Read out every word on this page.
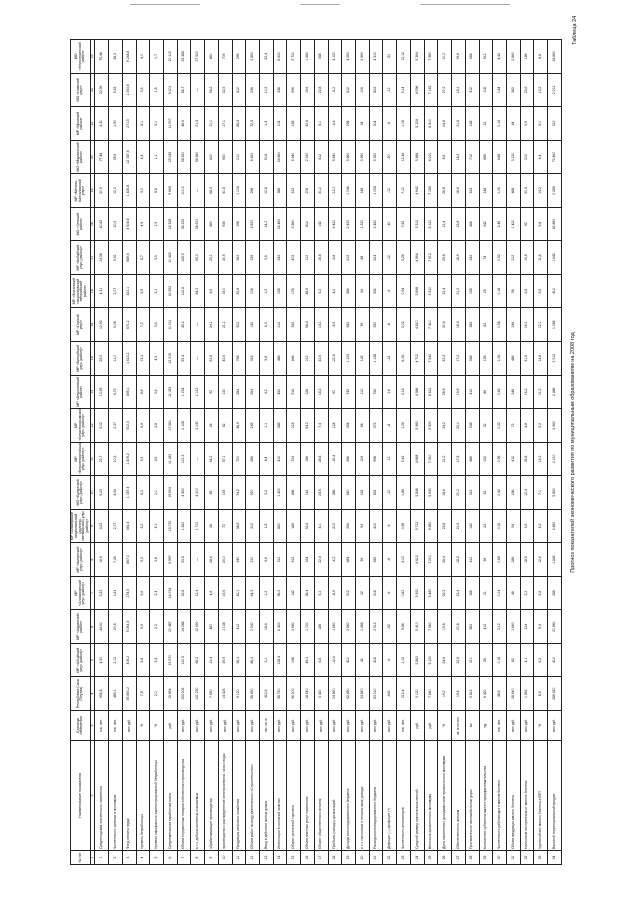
Прогноз показателей экономического развития по муниципальным образованиям на 2008 год
Таблица 24
№ п/п	Наименование показателя	Единица измерения	Республика Саха (Якутия)	МР «Абыйский улус (район)»	МР «Алданский район»	МР «Аллаиховский улус (район)»	МР «Амгинский улус (район)»	МР «Анабарский национальный (долгано-эвенкийский) улус (район)»	МО «Булунский улус (район)»	МР «Верхневилюйский улус (район)»	МР «Верхнеколымский улус (район)»	МР «Верхоянский район»	МР «Вилюйский улус (район)»	МР «Горный улус»	МР «Жиганский национальный эвенкийский район»	МР «Кобяйский улус (район)»	МО «Ленский район»	МР «Мегино-Кангаласский улус»	МО «Мирнинский район»	МР «Момский район»	МО «Намский улус»	МО «Нерюнгринский район»
1	2	3	4	5	6	7	8	9	10	11	12	13	14	15	16	17	18	19	20	21	22	23
1	Среднегодовая численность населения	тыс. чел.	956,8	4,50	44,50	3,33	16,9	4,22	9,23	23,7	5,02	13,93	26,5	12,93	4,31	14,38	40,62	30,9	77,48	4,41	22,95	76,48
2	Численность занятых в экономике	тыс. чел.	489,1	2,12	20,6	1,63	7,26	2,17	4,56	10,5	2,37	6,73	11,0	5,08	2,07	5,51	20,5	12,3	39,9	1,90	9,53	38,3
3	Фонд оплаты труда	млн руб.	93 860,2	406,2	5 064,4	274,5	867,3	392,4	1 087,4	1 409,2	502,3	895,1	1 613,2	671,2	421,1	689,6	4 508,6	1 426,8	12 087,4	271,5	1 063,6	9 244,8
4	Уровень безработицы	%	7,8	6,8	5,9	6,6	5,3	6,2	6,3	9,3	6,8	8,6	13,3	7,2	6,9	8,7	4,9	5,3	4,4	8,1	3,6	4,0
5	Уровень официально зарегистрированной безработицы	%	2,0	3,4	2,3	2,4	3,8	4,1	2,1	4,5	3,8	3,4	4,5	3,4	3,1	3,5	1,5	6,8	1,1	5,1	1,8	0,7
6	Среднемесячная заработная плата	руб.	15 994	15 970	20 487	14 034	9 957	15 072	19 654	11 183	17 661	11 083	12 219	11 011	16 952	10 429	18 328	9 666	25 245	11 907	9 301	20 115
7	Объем отгруженных товаров собственного производства	млн руб.	153 206	120,5	14 288	32,8	53,6	1 820	4 450	121,3	2 128	1 234	95,4	45,2	112,8	128,9	36 225	110,2	58 260	48,6	86,7	29 486
8	в т.ч. добыча полезных ископаемых	млн руб.	131 230	68,2	12 690	12,4	—	1 710	4 210	—	2 040	1 012	—	—	84,2	65,3	34 810	—	56 980	21,4	—	27 920
9	обрабатывающие производства	млн руб.	7 650	12,4	460	4,8	28,6	38	85	64,2	26	92	52,8	24,1	9,6	23,1	480	68,4	620	10,1	54,2	860
10	производство и распределение электроэнергии, газа и воды	млн руб.	14 326	39,9	1 138	15,6	25,0	72	155	57,1	62	130	42,6	21,1	19,0	40,5	935	41,8	660	17,1	32,5	706
11	Продукция сельского хозяйства	млн руб.	9 120	96,3	412	42,1	640	38,5	74,2	720	48,6	284	768	502	35,8	362	198	1 106	210	88,4	812	245
12	Объем работ по виду деятельности «Строительство»	млн руб.	38 450	86,2	2 540	64,3	210	312	520	286	245	264	318	142	108	236	4 820	298	6 420	72,4	246	2 860
13	Ввод в действие жилых домов	тыс. кв. м	412,6	2,1	18,4	1,2	9,6	1,8	3,2	8,4	1,1	4,2	9,8	6,3	1,5	3,6	14,2	12,8	30,6	1,4	10,2	22,4
14	Инвестиции в основной капитал	млн руб.	98 760	128,4	6 420	96,2	312	860	1 420	412	386	452	486	212	198	342	18 460	386	24 860	104	346	8 620
15	Оборот розничной торговли	млн руб.	56 300	198	3 680	142	612	186	486	724	218	516	846	392	178	402	2 860	812	6 940	168	596	5 720
16	Объем платных услуг населению	млн руб.	18 640	46,2	1 020	38,4	164	52,6	142	186	64,2	128	212	98,4	48,6	112	812	206	2 160	42,8	154	1 680
17	Оборот общественного питания	млн руб.	3 420	6,8	186	5,2	22,4	8,1	24,6	28,8	7,4	18,2	32,6	14,1	6,2	16,8	142	31,2	412	6,1	22,8	348
18	Прибыль (сальдо) организаций	млн руб.	24 860	-12,4	1 860	-8,6	-4,2	212	386	-16,4	124	62	-22,8	-9,6	4,2	-6,8	6 420	-12,2	9 840	-4,4	-6,2	4 120
19	Доходы консолидированного бюджета	млн руб.	62 480	412	2 860	312	684	396	640	986	364	742	1 124	582	386	612	2 420	1 046	5 860	298	812	4 260
20	в т.ч. налоговые и неналоговые доходы	млн руб.	34 860	42	1 486	32	96	54	162	124	68	112	142	76	44	88	1 320	148	3 960	34	106	2 960
21	Расходы консолидированного бюджета	млн руб.	63 120	418	2 912	318	692	402	652	998	372	756	1 138	590	392	624	2 460	1 058	5 920	304	824	4 310
22	Дефицит (-), профицит (+)	млн руб.	-640	-6	-52	-6	-8	-6	-12	-12	-8	-14	-14	-8	-6	-12	-40	-12	-60	-6	-12	-50
23	Численность пенсионеров	тыс. чел.	212,4	1,12	9,86	0,82	4,12	0,96	1,86	5,42	1,26	3,18	6,08	3,02	0,94	3,26	7,82	7,12	12,46	1,08	5,14	12,12
24	Средний размер назначенных пенсий	руб.	5 120	5 862	5 410	5 920	4 612	5 712	5 846	4 688	5 980	4 986	4 702	4 810	5 698	4 864	5 312	4 642	5 486	5 124	4 596	5 364
25	Величина прожиточного минимума	руб.	7 840	9 120	7 960	9 480	7 210	9 860	9 640	7 320	9 920	8 612	7 342	7 410	9 310	7 612	8 120	7 186	8 210	8 910	7 142	7 980
26	Доля населения с доходами ниже прожиточного минимума	%	19,2	24,6	15,8	26,2	28,4	22,8	18,6	31,2	24,2	28,6	32,4	30,6	22,4	29,8	12,4	26,8	8,6	24,8	27,2	10,2
27	Обеспеченность жильем	кв. м на чел.	19,4	22,6	20,8	23,4	18,2	21,6	20,2	17,8	22,1	19,6	17,2	18,4	21,2	18,9	19,8	18,6	18,2	21,8	18,1	19,6
28	Протяженность автомобильных дорог	км	9 812	210	862	186	412	142	312	486	248	412	568	386	198	342	486	624	712	168	412	668
29	Количество субъектов малого предпринимательства	ед.	6 420	28	412	21	96	24	62	132	32	86	156	82	26	74	342	148	686	22	118	612
30	Численность работающих в малом бизнесе	тыс. чел.	48,6	0,18	3,12	0,14	0,68	0,16	0,42	0,96	0,22	0,62	1,08	0,58	0,18	0,52	2,46	1,06	4,86	0,14	0,84	4,42
31	Объем продукции малого бизнеса	млн руб.	28 640	62	1 860	48	286	54	186	412	72	248	486	246	58	212	1 420	468	3 120	44	362	2 860
32	Налоговые поступления от малого бизнеса	млн руб.	1 862	4,1	124	3,2	18,6	3,6	12,4	26,8	4,8	16,2	31,6	16,1	3,8	13,8	92	30,4	202	2,9	23,6	186
33	Удельный вес малого бизнеса в ВТП	%	8,6	6,2	9,4	5,8	12,6	4,2	7,1	14,2	5,2	11,2	14,8	12,1	5,6	11,8	6,8	14,2	6,4	6,1	13,2	8,8
34	Валовой территориальный продукт	млн руб.	286 420	412	21 860	286	1 842	2 460	5 860	2 120	2 960	2 486	2 312	1 286	412	1 642	42 860	2 286	72 460	312	2 212	34 860
